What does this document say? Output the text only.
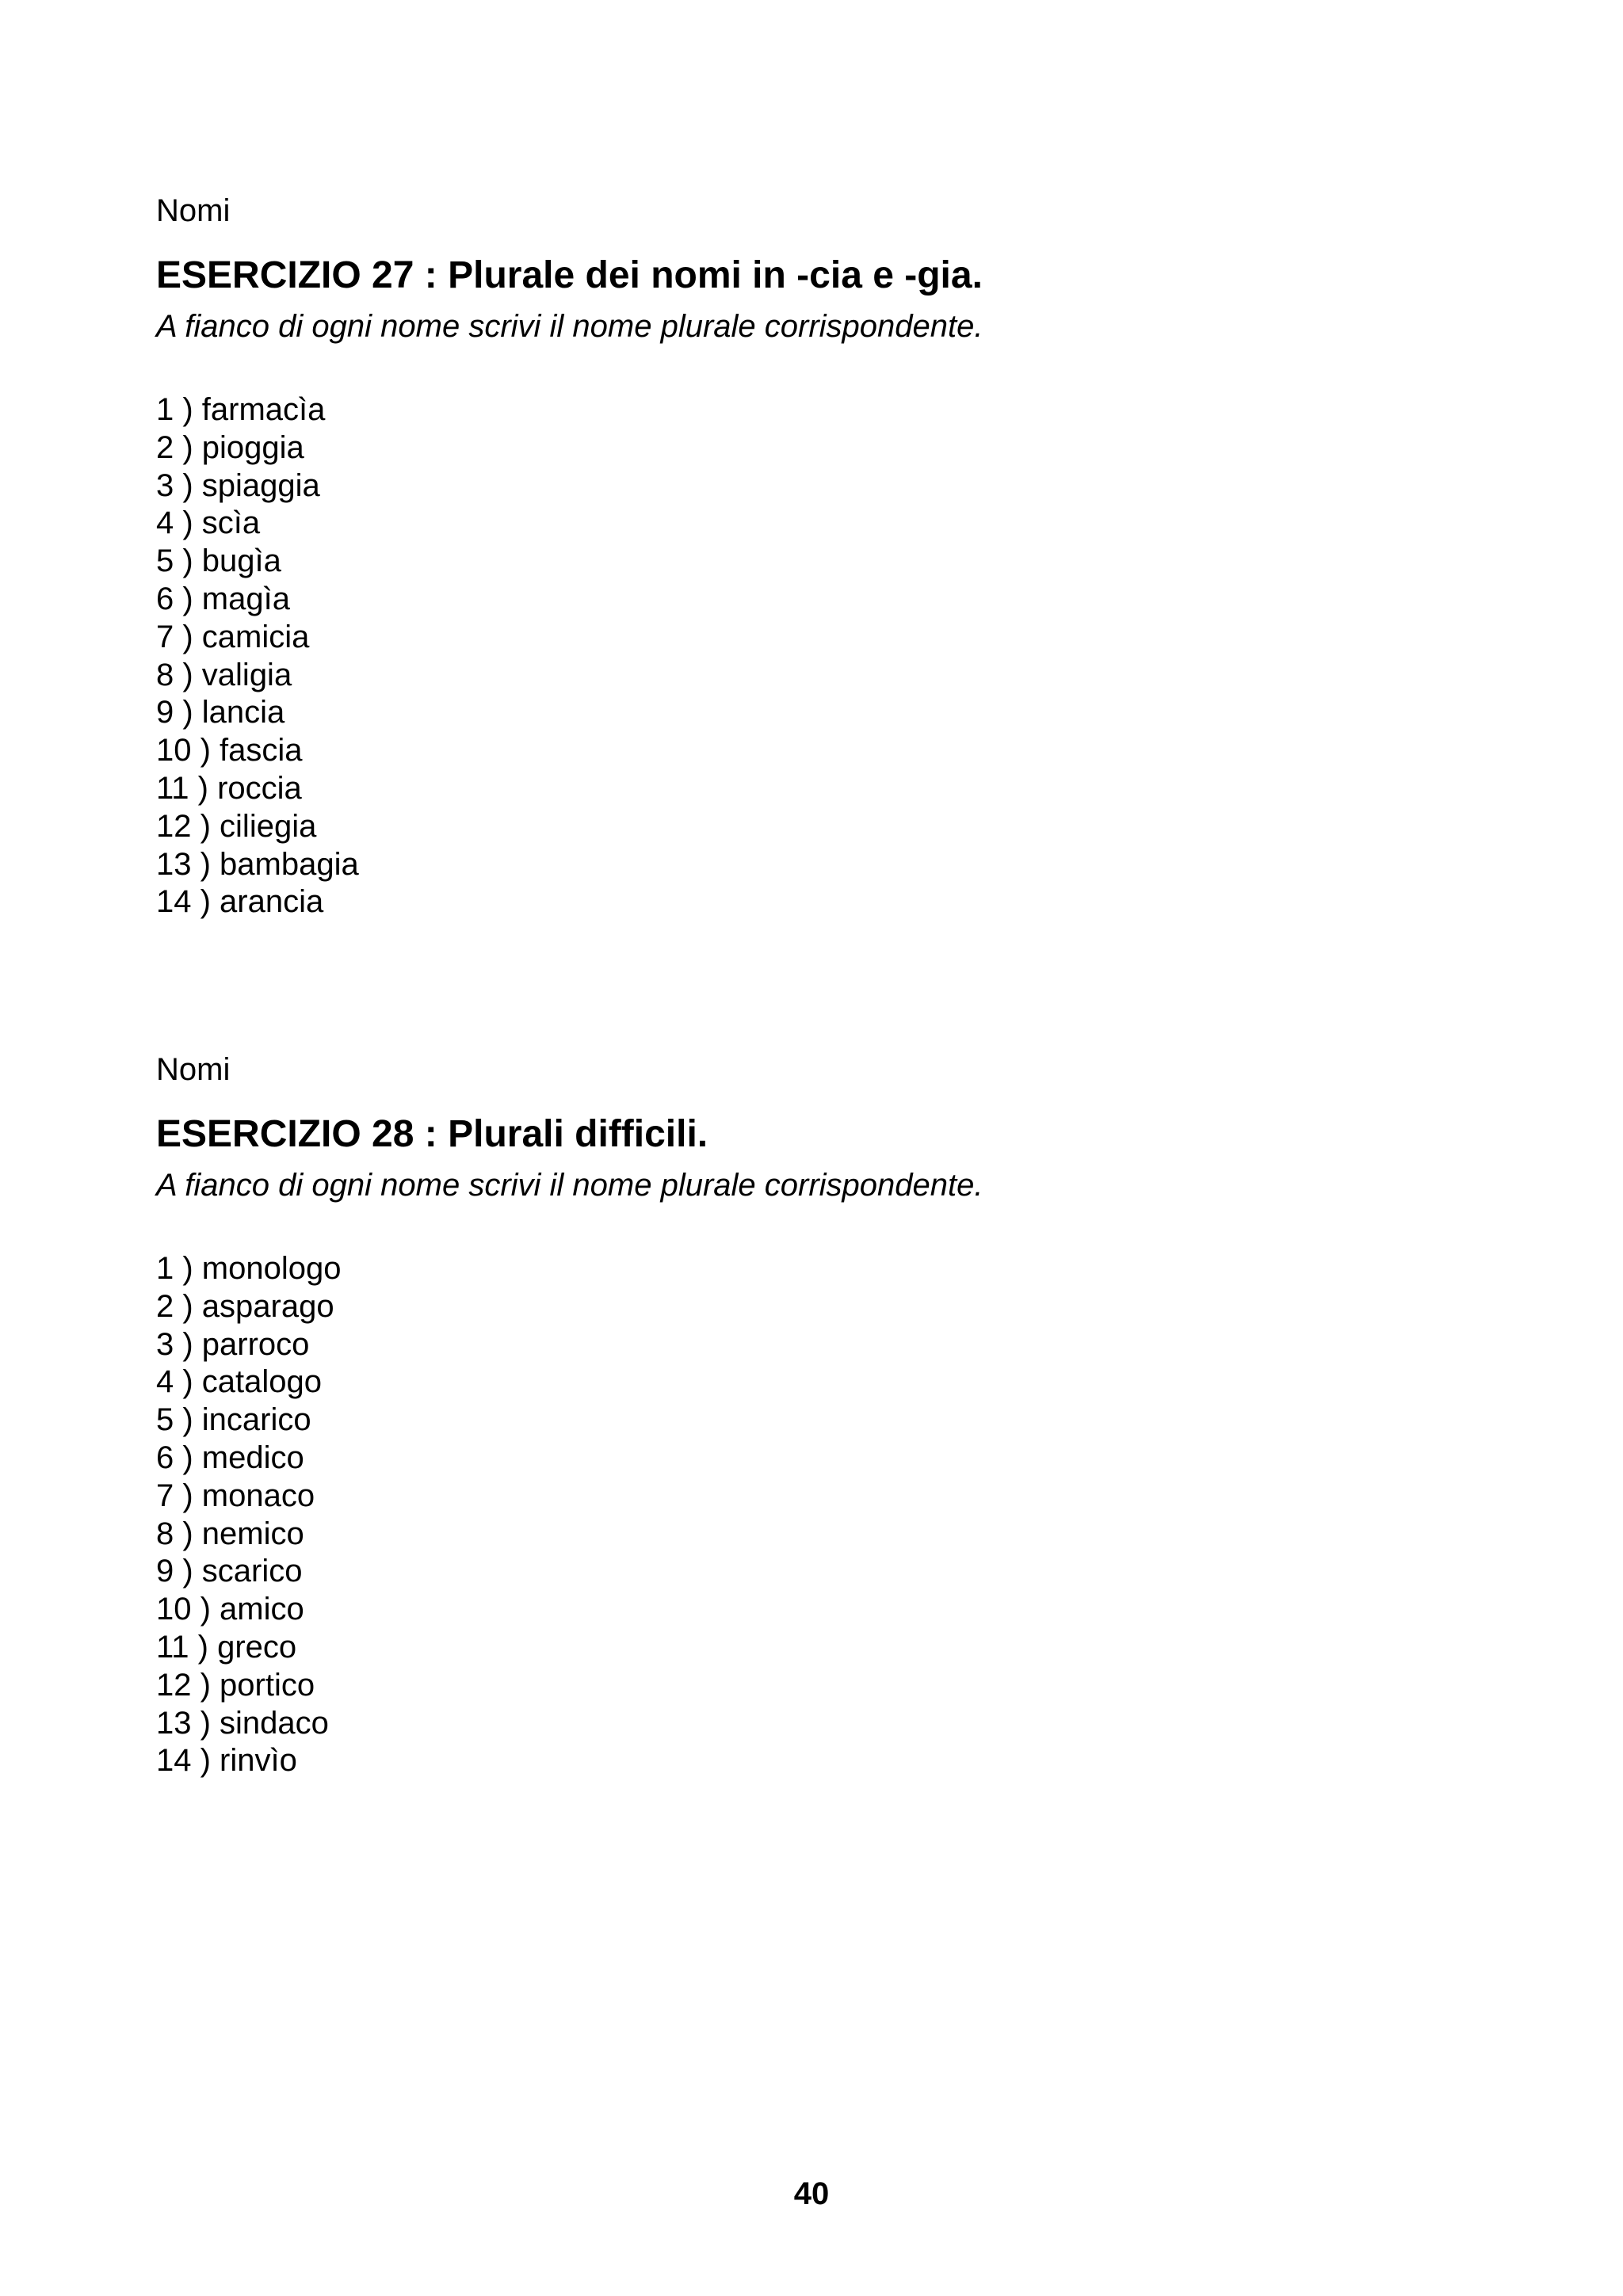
Nomi

ESERCIZIO 27 : Plurale dei nomi in -cia e -gia.

A fianco di ogni nome scrivi il nome plurale corrispondente.

1 ) farmacìa
2 ) pioggia
3 ) spiaggia
4 ) scìa
5 ) bugìa
6 ) magìa
7 ) camicia
8 ) valigia
9 ) lancia
10 ) fascia
11 ) roccia
12 ) ciliegia
13 ) bambagia
14 ) arancia

Nomi

ESERCIZIO 28 : Plurali difficili.

A fianco di ogni nome scrivi il nome plurale corrispondente.

1 ) monologo
2 ) asparago
3 ) parroco
4 ) catalogo
5 ) incarico
6 ) medico
7 ) monaco
8 ) nemico
9 ) scarico
10 ) amico
11 ) greco
12 ) portico
13 ) sindaco
14 ) rinvìo
40
